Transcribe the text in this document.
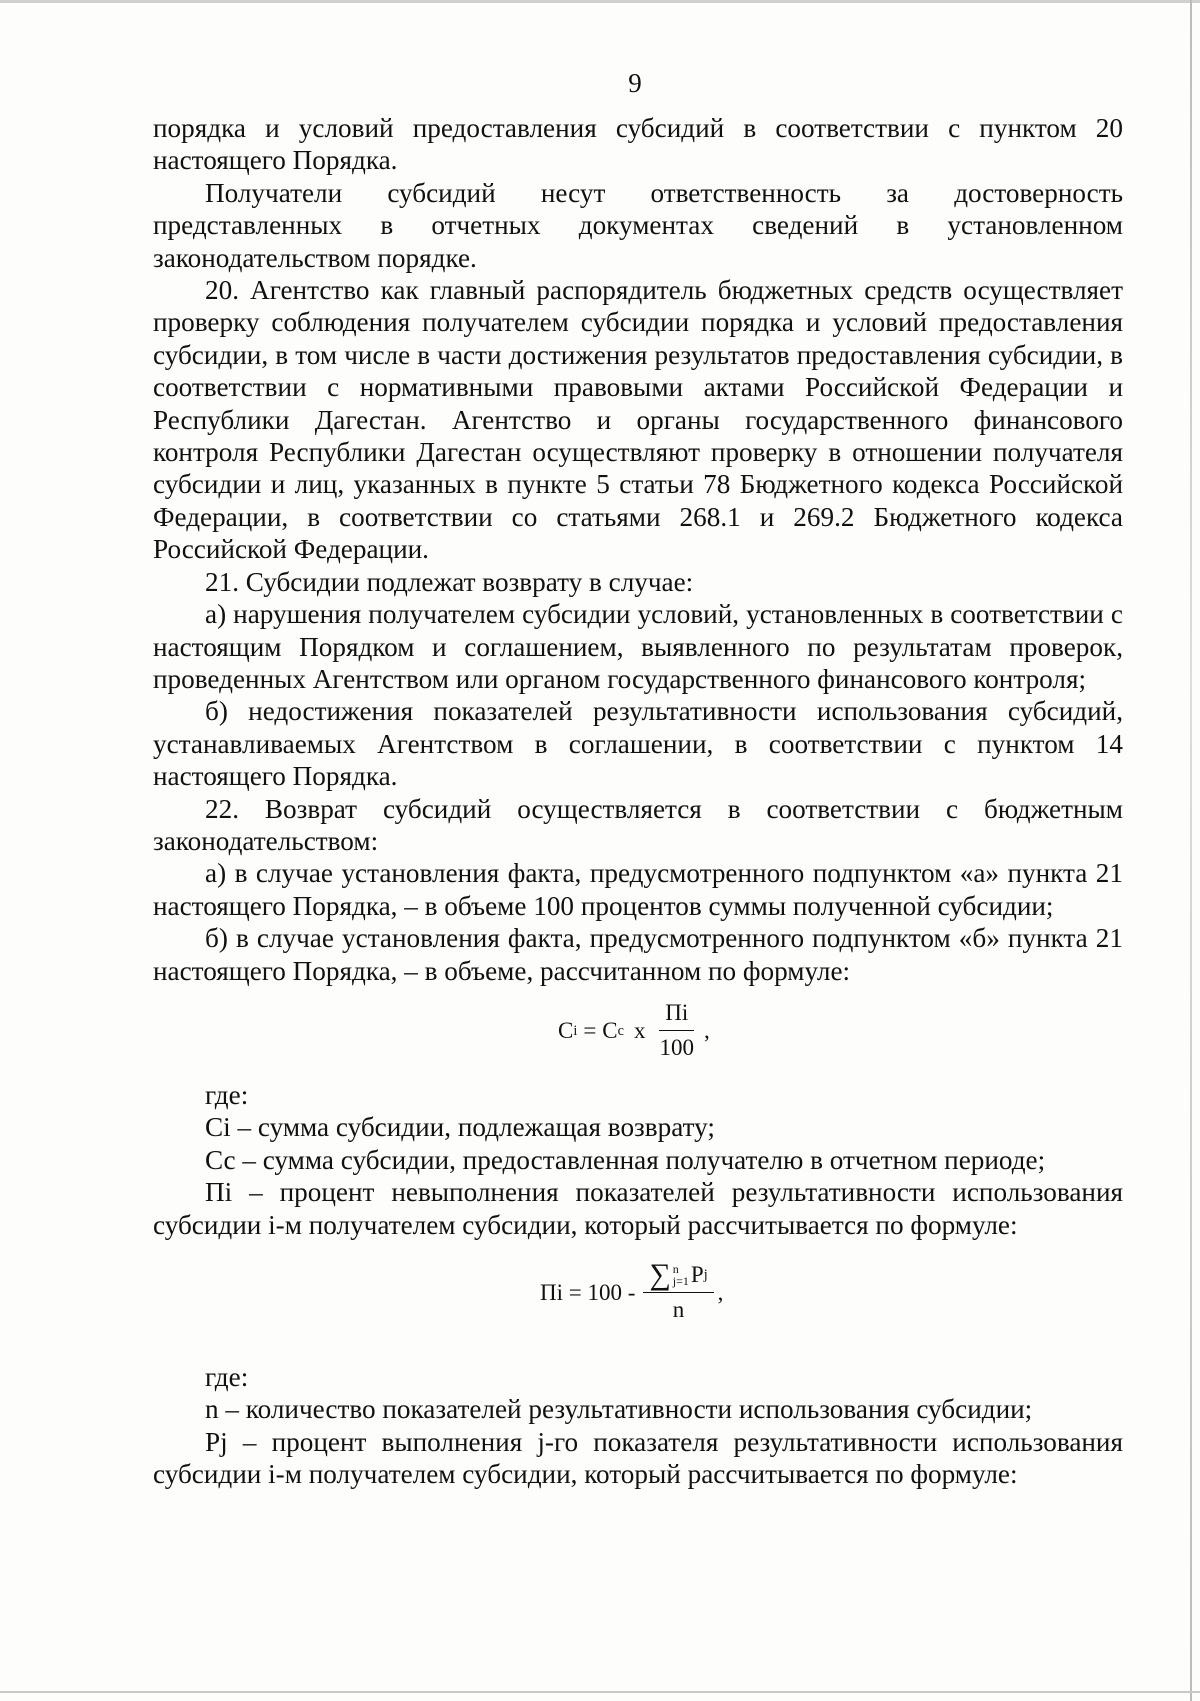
9

порядка и условий предоставления субсидий в соответствии с пунктом 20 настоящего Порядка.

Получатели субсидий несут ответственность за достоверность представленных в отчетных документах сведений в установленном законодательством порядке.

20. Агентство как главный распорядитель бюджетных средств осуществляет проверку соблюдения получателем субсидии порядка и условий предоставления субсидии, в том числе в части достижения результатов предоставления субсидии, в соответствии с нормативными правовыми актами Российской Федерации и Республики Дагестан. Агентство и органы государственного финансового контроля Республики Дагестан осуществляют проверку в отношении получателя субсидии и лиц, указанных в пункте 5 статьи 78 Бюджетного кодекса Российской Федерации, в соответствии со статьями 268.1 и 269.2 Бюджетного кодекса Российской Федерации.

21. Субсидии подлежат возврату в случае:

а) нарушения получателем субсидии условий, установленных в соответствии с настоящим Порядком и соглашением, выявленного по результатам проверок, проведенных Агентством или органом государственного финансового контроля;

б) недостижения показателей результативности использования субсидий, устанавливаемых Агентством в соглашении, в соответствии с пунктом 14 настоящего Порядка.

22. Возврат субсидий осуществляется в соответствии с бюджетным законодательством:

а) в случае установления факта, предусмотренного подпунктом «а» пункта 21 настоящего Порядка, – в объеме 100 процентов суммы полученной субсидии;

б) в случае установления факта, предусмотренного подпунктом «б» пункта 21 настоящего Порядка, – в объеме, рассчитанном по формуле:

C i = C c x $\frac{Пi}{100}$ ,

где:

Сi – сумма субсидии, подлежащая возврату;

Сс – сумма субсидии, предоставленная получателю в отчетном периоде;

Пi – процент невыполнения показателей результативности использования субсидии i-м получателем субсидии, который рассчитывается по формуле:

Пi = 100 -
∑ n
j=1 P j
n
,

где:

n – количество показателей результативности использования субсидии;

Рj – процент выполнения j-го показателя результативности использования субсидии i-м получателем субсидии, который рассчитывается по формуле:
